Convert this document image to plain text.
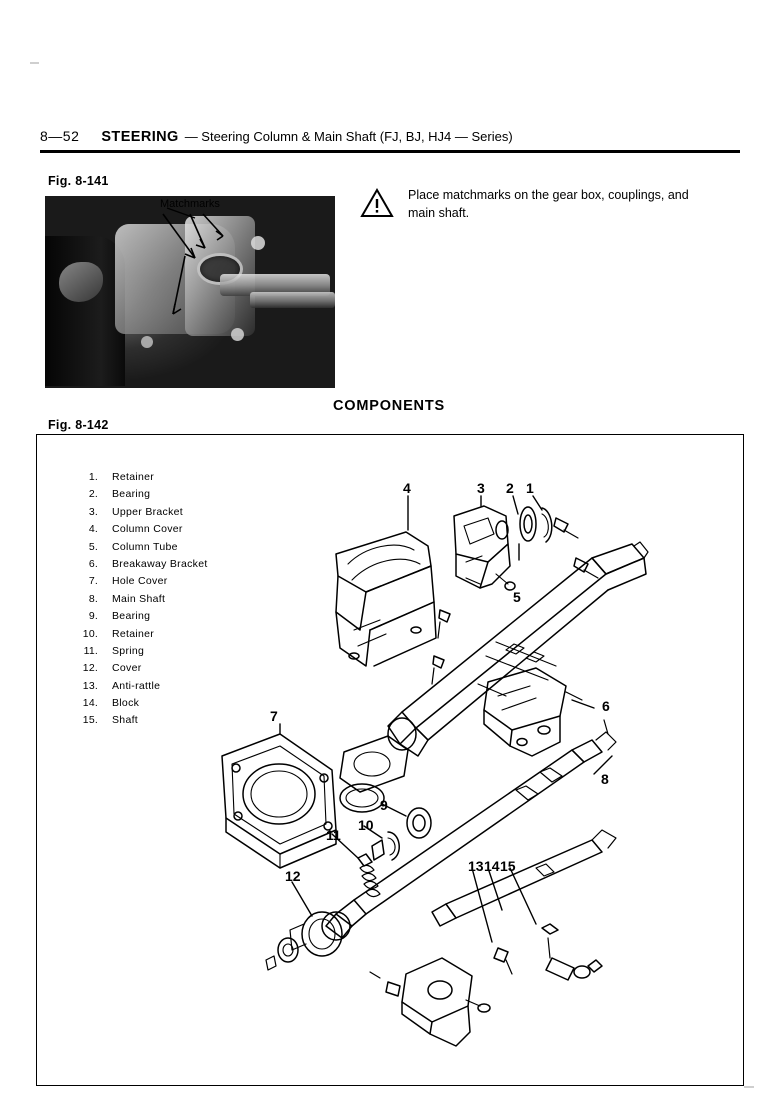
8—52 STEERING — Steering Column & Main Shaft (FJ, BJ, HJ4 — Series)
Fig. 8-141
Matchmarks
Place matchmarks on the gear box, couplings, and main shaft.
COMPONENTS
Fig. 8-142
1.	Retainer
2.	Bearing
3.	Upper Bracket
4.	Column Cover
5.	Column Tube
6.	Breakaway Bracket
7.	Hole Cover
8.	Main Shaft
9.	Bearing
10.	Retainer
11.	Spring
12.	Cover
13.	Anti-rattle
14.	Block
15.	Shaft
4	3 2 1
5
6
7
8
9
10
11
12
13 14 15
